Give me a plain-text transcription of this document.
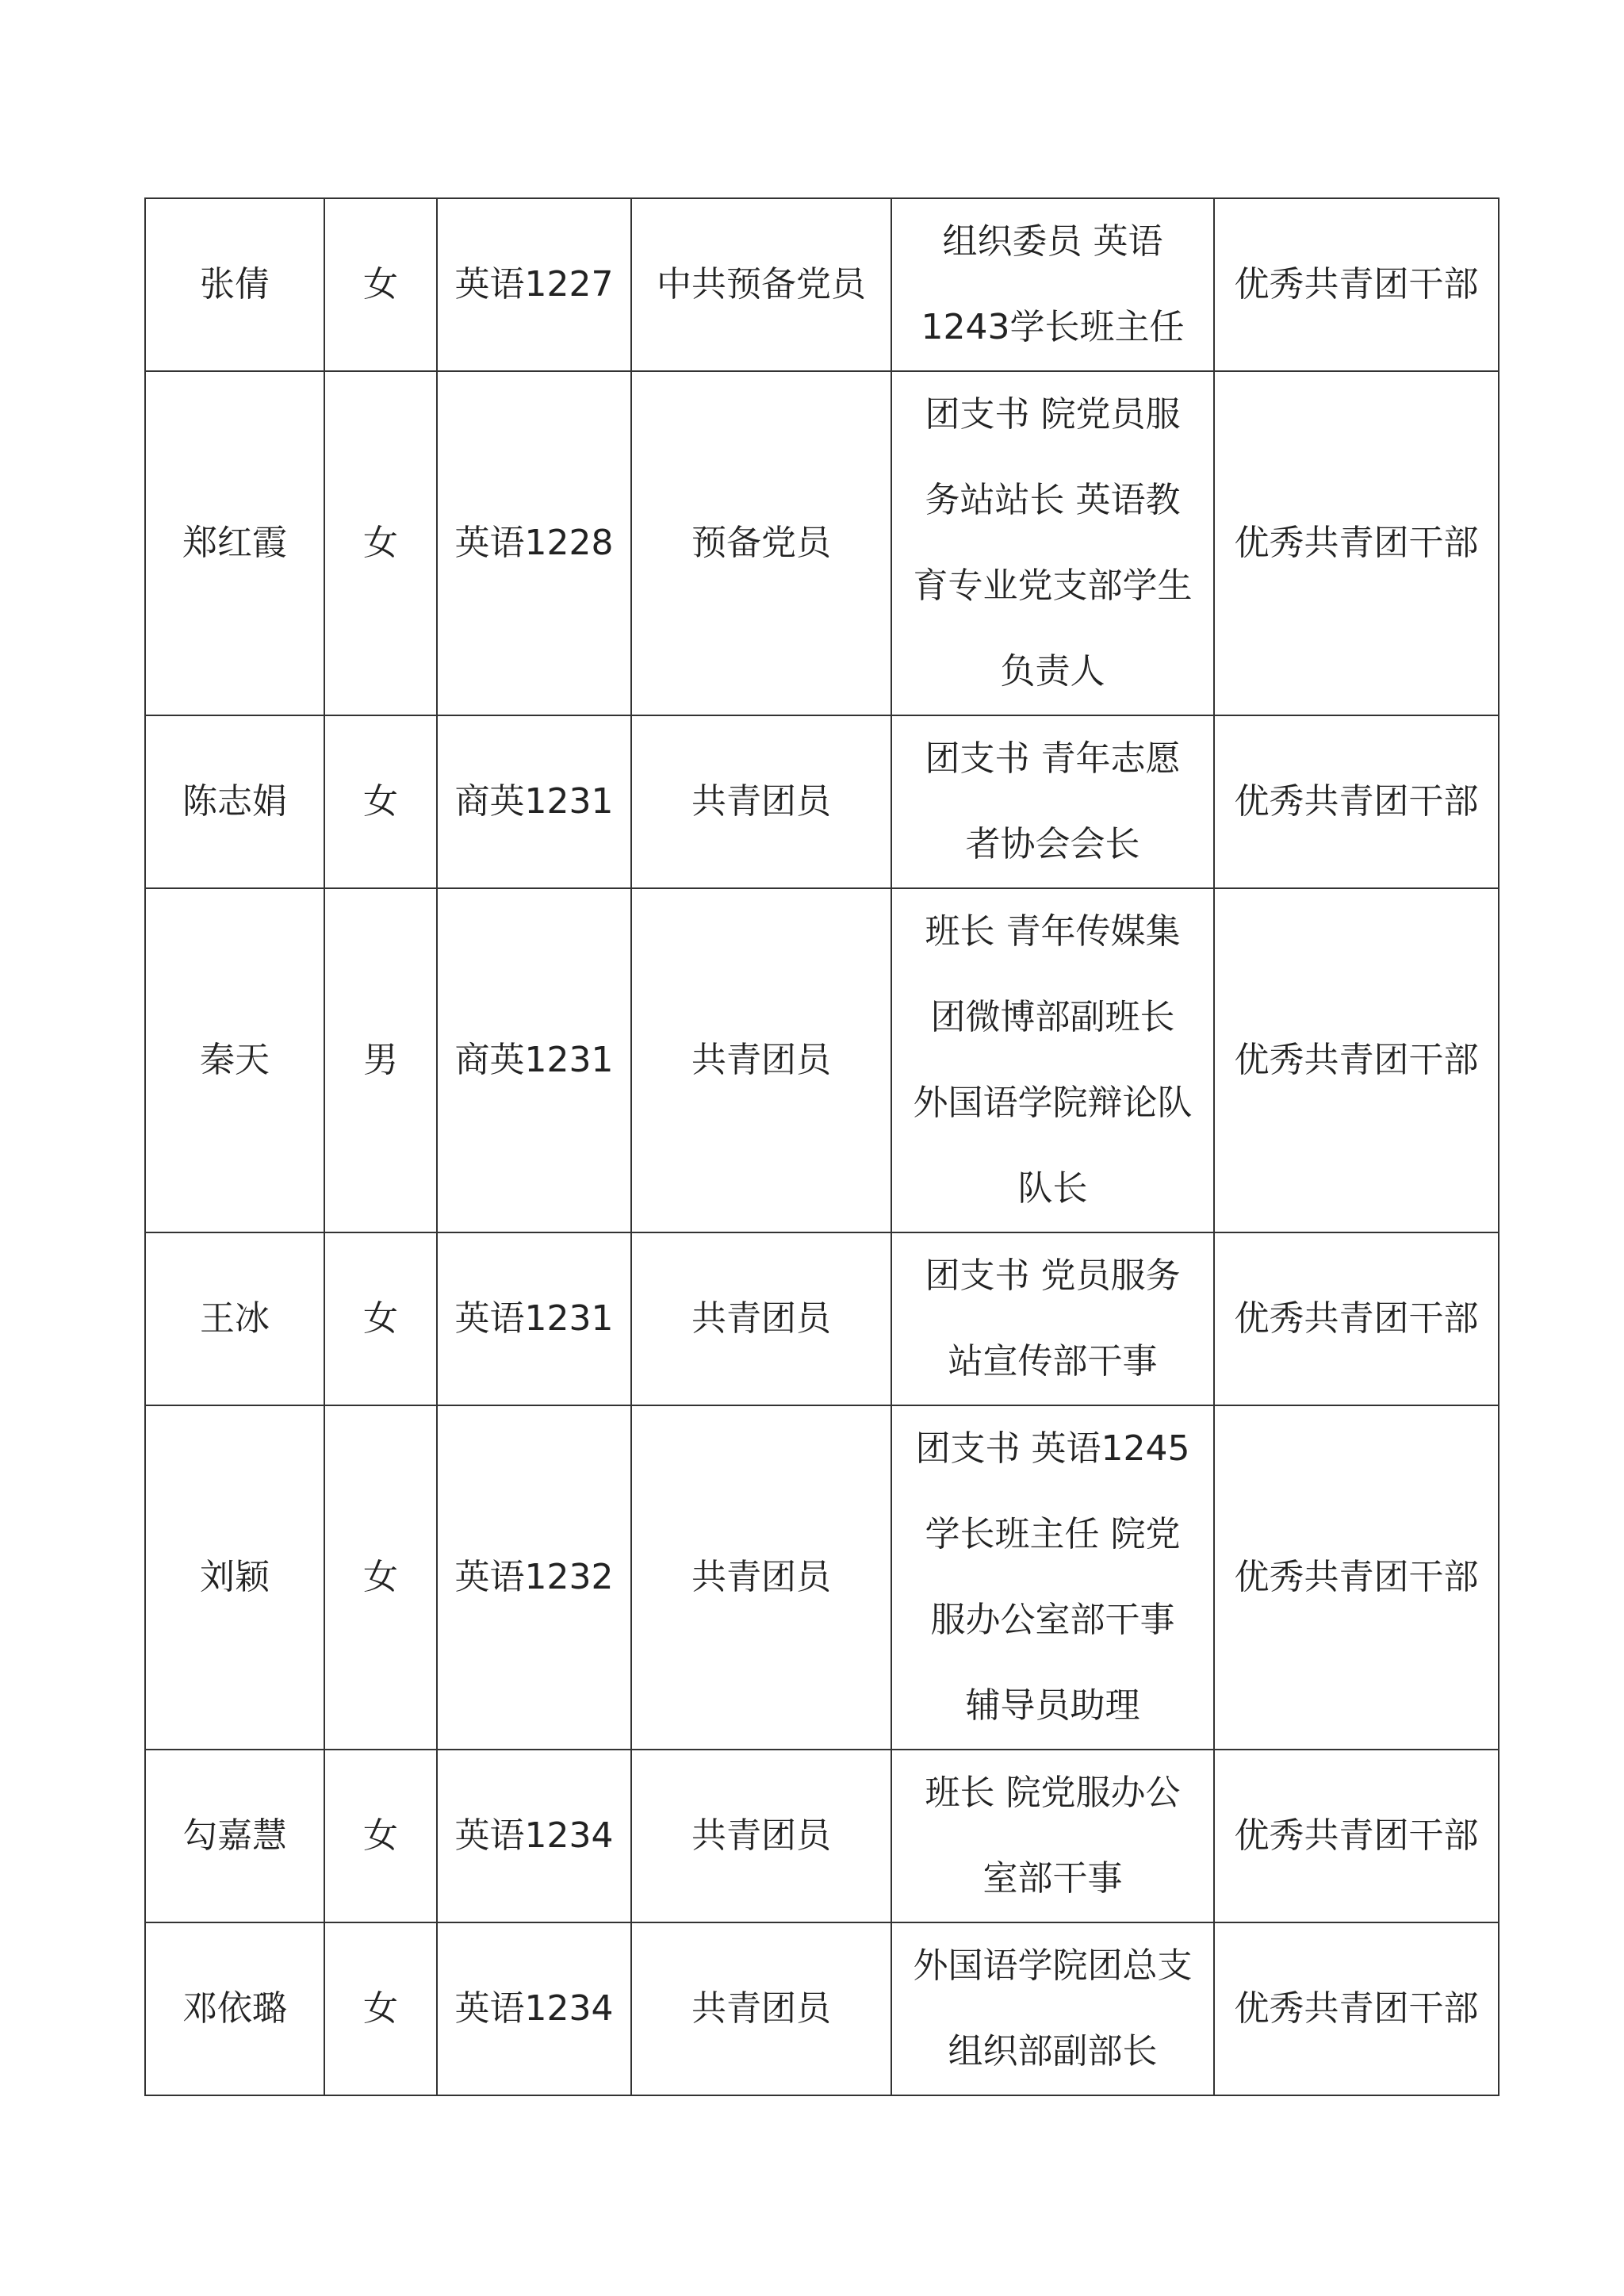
张倩	女	英语1227	中共预备党员	组织委员 英语
1243学长班主任	优秀共青团干部
郑红霞	女	英语1228	预备党员	团支书 院党员服
务站站长 英语教
育专业党支部学生
负责人	优秀共青团干部
陈志娟	女	商英1231	共青团员	团支书 青年志愿
者协会会长	优秀共青团干部
秦天	男	商英1231	共青团员	班长 青年传媒集
团微博部副班长
外国语学院辩论队
队长	优秀共青团干部
王冰	女	英语1231	共青团员	团支书 党员服务
站宣传部干事	优秀共青团干部
刘颖	女	英语1232	共青团员	团支书 英语1245
学长班主任 院党
服办公室部干事
辅导员助理	优秀共青团干部
勾嘉慧	女	英语1234	共青团员	班长 院党服办公
室部干事	优秀共青团干部
邓依璐	女	英语1234	共青团员	外国语学院团总支
组织部副部长	优秀共青团干部
